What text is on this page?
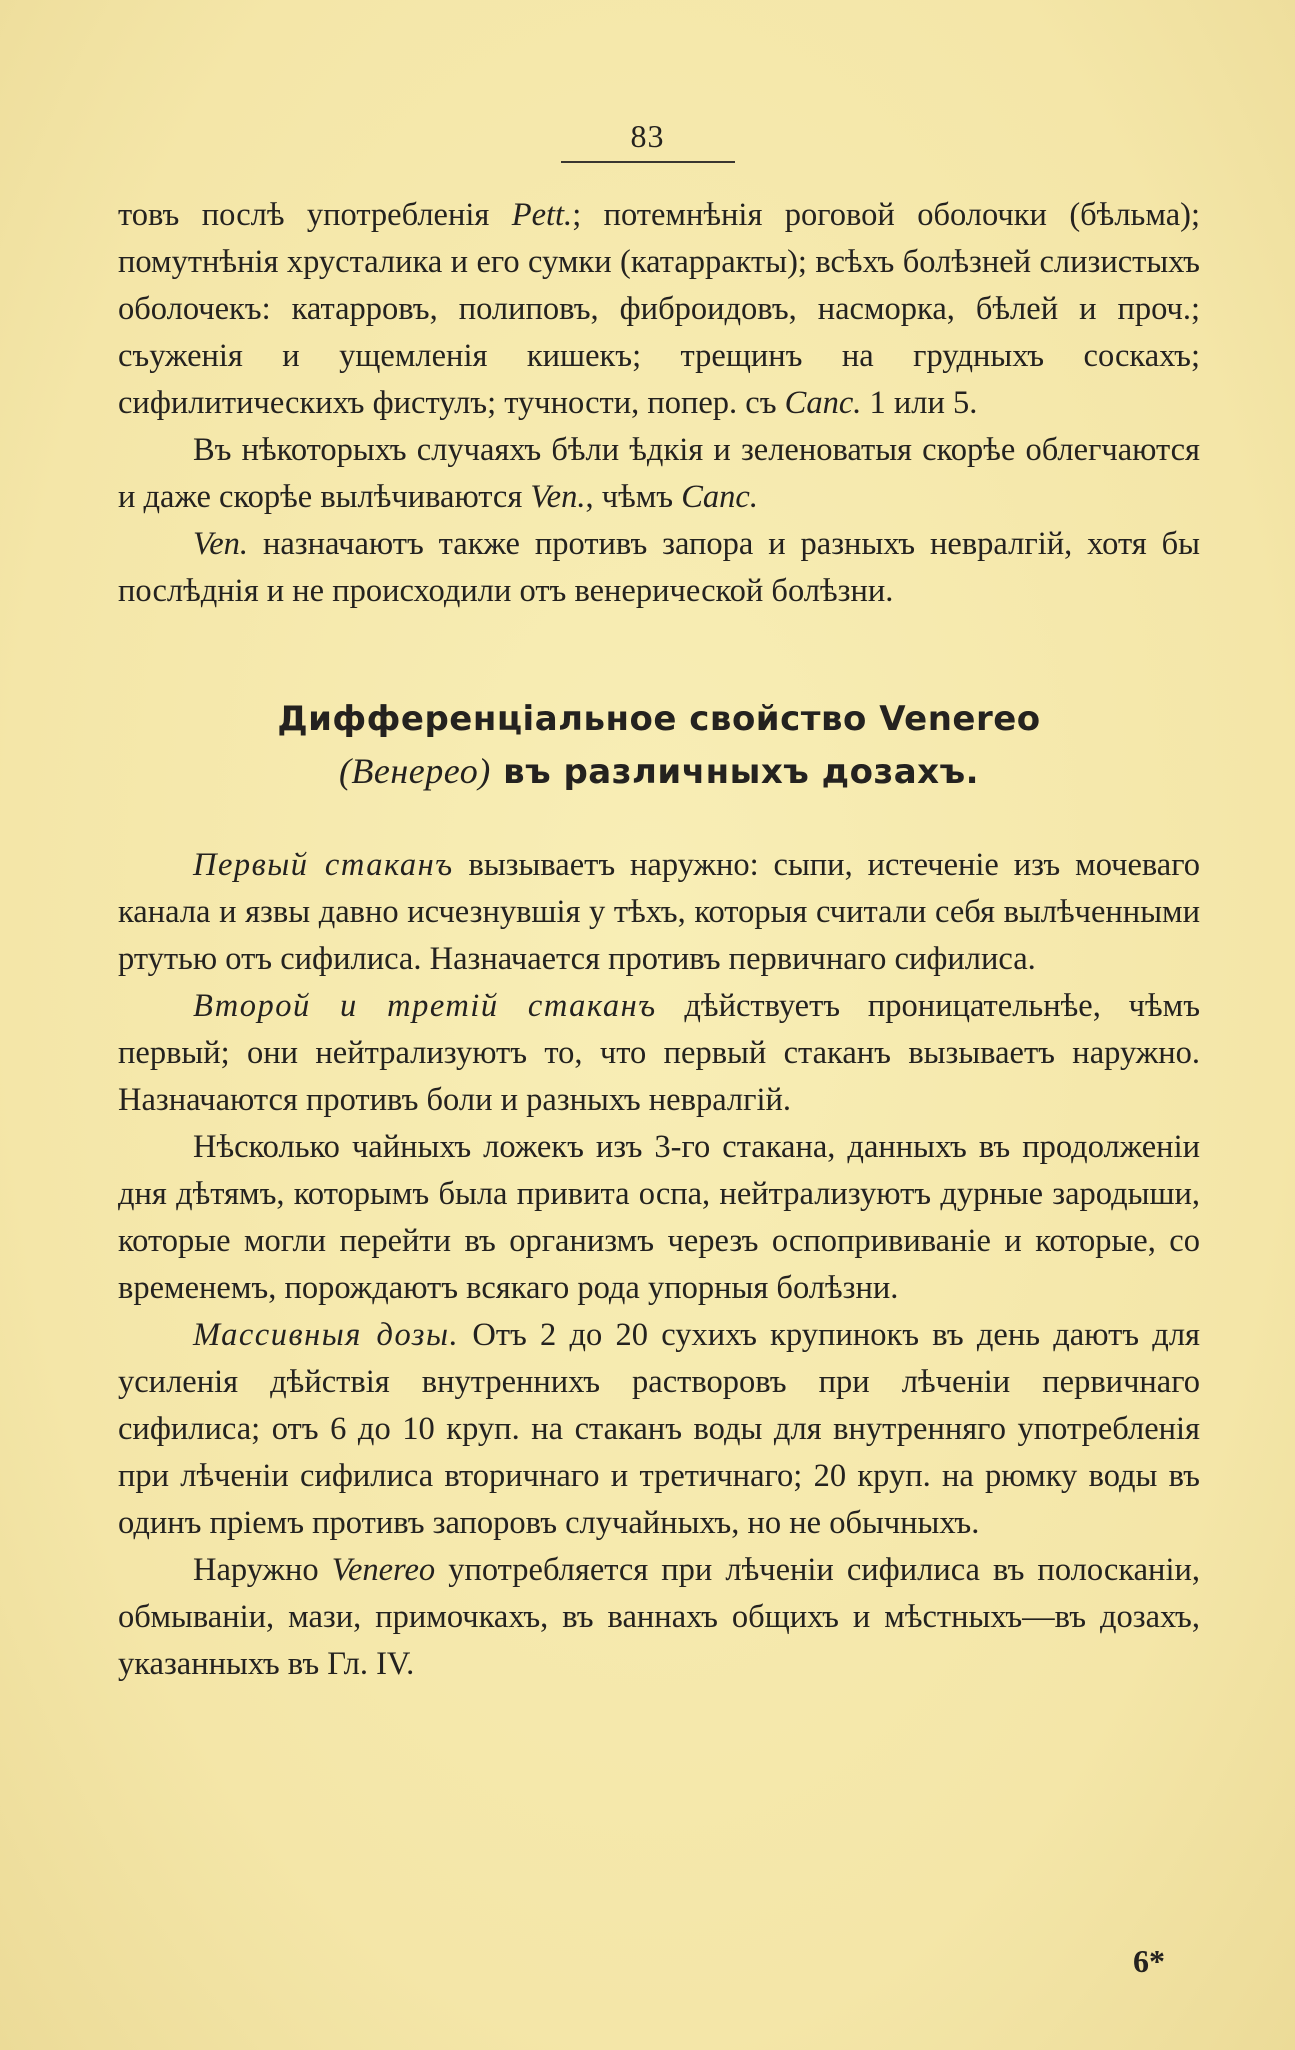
83

товъ послѣ употребленія Pett.; потемнѣнія роговой оболочки (бѣльма); помутнѣнія хрусталика и его сумки (катарракты); всѣхъ болѣзней слизистыхъ оболочекъ: катарровъ, полиповъ, фиброидовъ, насморка, бѣлей и проч.; съуженія и ущемленія кишекъ; трещинъ на грудныхъ соскахъ; сифилитическихъ фистулъ; тучности, попер. съ Canc. 1 или 5.

Въ нѣкоторыхъ случаяхъ бѣли ѣдкія и зеленоватыя скорѣе облегчаются и даже скорѣе вылѣчиваются Ven., чѣмъ Canc.

Ven. назначаютъ также противъ запора и разныхъ невралгій, хотя бы послѣднія и не происходили отъ венерической болѣзни.

Дифференціальное свойство Venereo
(Венерео) въ различныхъ дозахъ.

Первый стаканъ вызываетъ наружно: сыпи, истеченіе изъ мочеваго канала и язвы давно исчезнувшія у тѣхъ, которыя считали себя вылѣченными ртутью отъ сифилиса. Назначается противъ первичнаго сифилиса.

Второй и третій стаканъ дѣйствуетъ проницательнѣе, чѣмъ первый; они нейтрализуютъ то, что первый стаканъ вызываетъ наружно. Назначаются противъ боли и разныхъ невралгій.

Нѣсколько чайныхъ ложекъ изъ 3-го стакана, данныхъ въ продолженіи дня дѣтямъ, которымъ была привита оспа, нейтрализуютъ дурные зародыши, которые могли перейти въ организмъ черезъ оспопрививаніе и которые, со временемъ, порождаютъ всякаго рода упорныя болѣзни.

Массивныя дозы. Отъ 2 до 20 сухихъ крупинокъ въ день даютъ для усиленія дѣйствія внутреннихъ растворовъ при лѣченіи первичнаго сифилиса; отъ 6 до 10 круп. на стаканъ воды для внутренняго употребленія при лѣченіи сифилиса вторичнаго и третичнаго; 20 круп. на рюмку воды въ одинъ пріемъ противъ запоровъ случайныхъ, но не обычныхъ.

Наружно Venereo употребляется при лѣченіи сифилиса въ полосканіи, обмываніи, мази, примочкахъ, въ ваннахъ общихъ и мѣстныхъ—въ дозахъ, указанныхъ въ Гл. IV.

6*
